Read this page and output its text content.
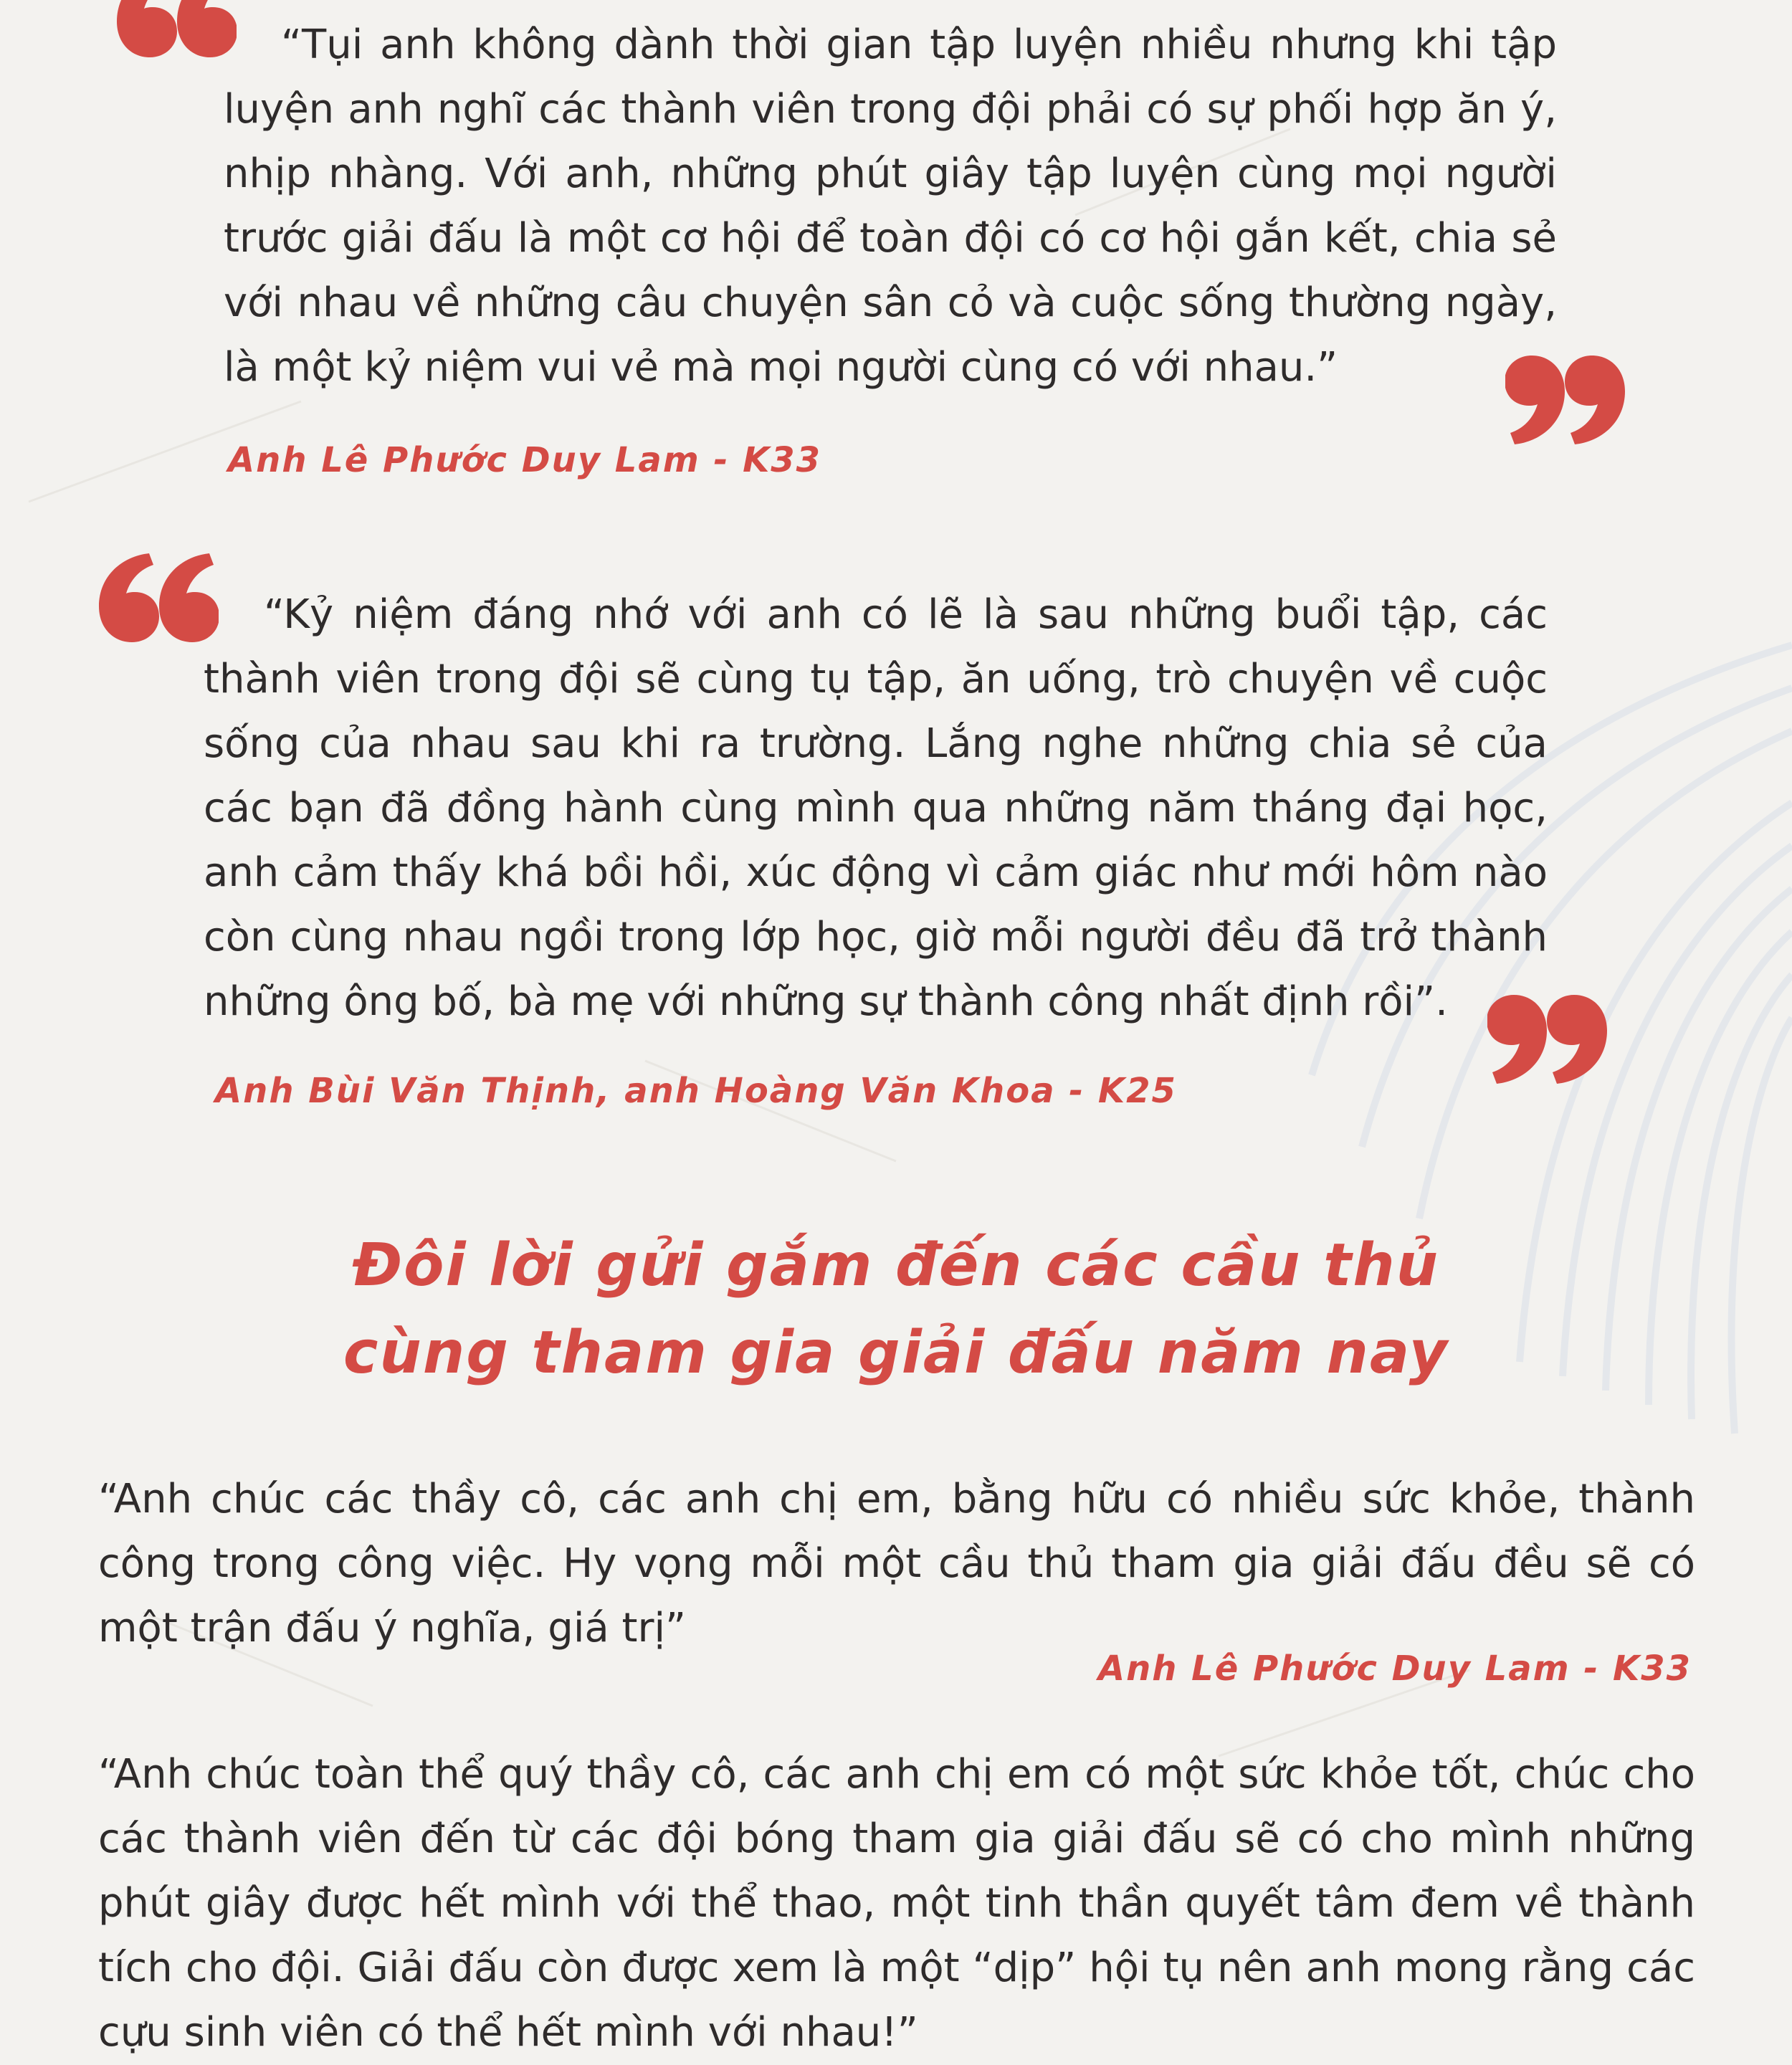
“Tụi anh không dành thời gian tập luyện nhiều nhưng khi tập luyện anh nghĩ các thành viên trong đội phải có sự phối hợp ăn ý, nhịp nhàng. Với anh, những phút giây tập luyện cùng mọi người trước giải đấu là một cơ hội để toàn đội có cơ hội gắn kết, chia sẻ với nhau về những câu chuyện sân cỏ và cuộc sống thường ngày, là một kỷ niệm vui vẻ mà mọi người cùng có với nhau.”

Anh Lê Phước Duy Lam - K33

“Kỷ niệm đáng nhớ với anh có lẽ là sau những buổi tập, các thành viên trong đội sẽ cùng tụ tập, ăn uống, trò chuyện về cuộc sống của nhau sau khi ra trường. Lắng nghe những chia sẻ của các bạn đã đồng hành cùng mình qua những năm tháng đại học, anh cảm thấy khá bồi hồi, xúc động vì cảm giác như mới hôm nào còn cùng nhau ngồi trong lớp học, giờ mỗi người đều đã trở thành những ông bố, bà mẹ với những sự thành công nhất định rồi”.

Anh Bùi Văn Thịnh, anh Hoàng Văn Khoa - K25

Đôi lời gửi gắm đến các cầu thủ
cùng tham gia giải đấu năm nay

“Anh chúc các thầy cô, các anh chị em, bằng hữu có nhiều sức khỏe, thành công trong công việc. Hy vọng mỗi một cầu thủ tham gia giải đấu đều sẽ có một trận đấu ý nghĩa, giá trị”

Anh Lê Phước Duy Lam - K33

“Anh chúc toàn thể quý thầy cô, các anh chị em có một sức khỏe tốt, chúc cho các thành viên đến từ các đội bóng tham gia giải đấu sẽ có cho mình những phút giây được hết mình với thể thao, một tinh thần quyết tâm đem về thành tích cho đội. Giải đấu còn được xem là một “dịp” hội tụ nên anh mong rằng các cựu sinh viên có thể hết mình với nhau!”
